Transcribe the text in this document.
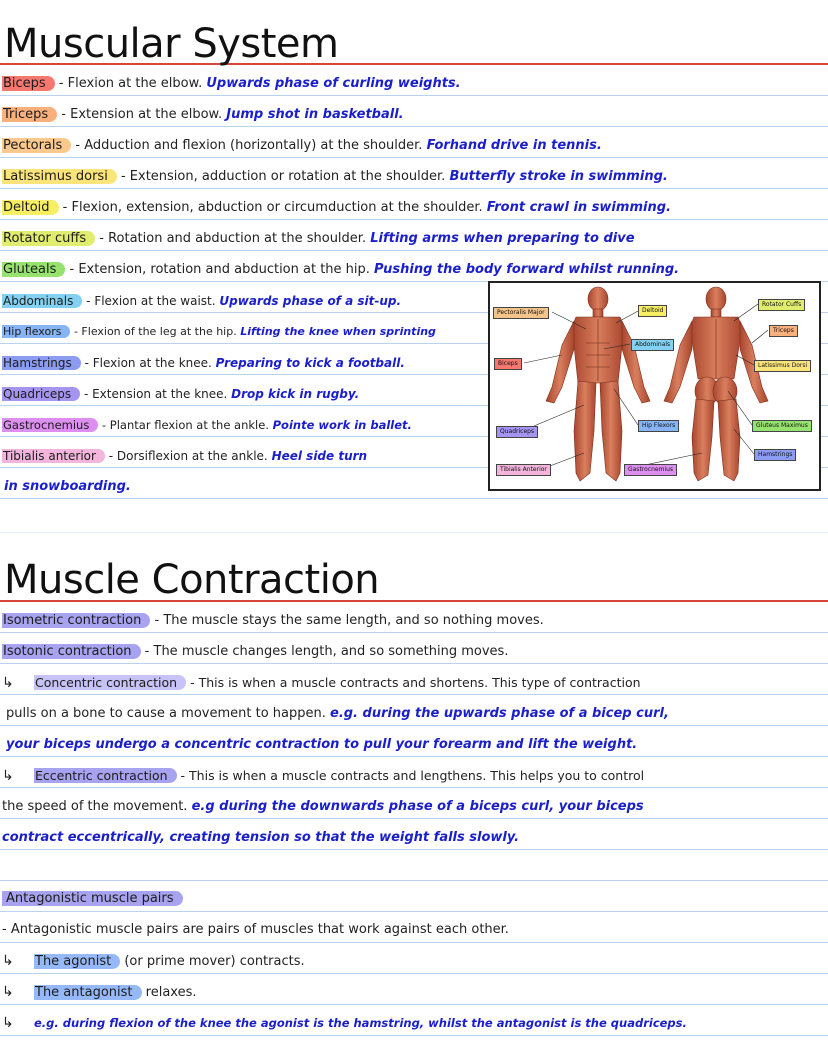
Muscular System
Biceps - Flexion at the elbow. Upwards phase of curling weights.
Triceps - Extension at the elbow. Jump shot in basketball.
Pectorals - Adduction and flexion (horizontally) at the shoulder. Forhand drive in tennis.
Latissimus dorsi - Extension, adduction or rotation at the shoulder. Butterfly stroke in swimming.
Deltoid - Flexion, extension, abduction or circumduction at the shoulder. Front crawl in swimming.
Rotator cuffs - Rotation and abduction at the shoulder. Lifting arms when preparing to dive
Gluteals - Extension, rotation and abduction at the hip. Pushing the body forward whilst running.
Abdominals - Flexion at the waist. Upwards phase of a sit-up.
Hip flexors - Flexion of the leg at the hip. Lifting the knee when sprinting
Hamstrings - Flexion at the knee. Preparing to kick a football.
Quadriceps - Extension at the knee. Drop kick in rugby.
Gastrocnemius - Plantar flexion at the ankle. Pointe work in ballet.
Tibialis anterior - Dorsiflexion at the ankle. Heel side turn
in snowboarding.
Pectoralis Major	Deltoid
Rotator Cuffs
Triceps
Abdominals
Biceps	Latissimus Dorsi
Quadriceps
Hip Flexors	Gluteus Maximus
Hamstrings
Tibialis Anterior	Gastrocnemius
Muscle Contraction
Isometric contraction - The muscle stays the same length, and so nothing moves.
Isotonic contraction - The muscle changes length, and so something moves.
↳ Concentric contraction - This is when a muscle contracts and shortens. This type of contraction
pulls on a bone to cause a movement to happen. e.g. during the upwards phase of a bicep curl,
your biceps undergo a concentric contraction to pull your forearm and lift the weight.
↳ Eccentric contraction - This is when a muscle contracts and lengthens. This helps you to control
the speed of the movement. e.g during the downwards phase of a biceps curl, your biceps
contract eccentrically, creating tension so that the weight falls slowly.
Antagonistic muscle pairs
- Antagonistic muscle pairs are pairs of muscles that work against each other.
↳ The agonist (or prime mover) contracts.
↳ The antagonist relaxes.
↳ e.g. during flexion of the knee the agonist is the hamstring, whilst the antagonist is the quadriceps.
